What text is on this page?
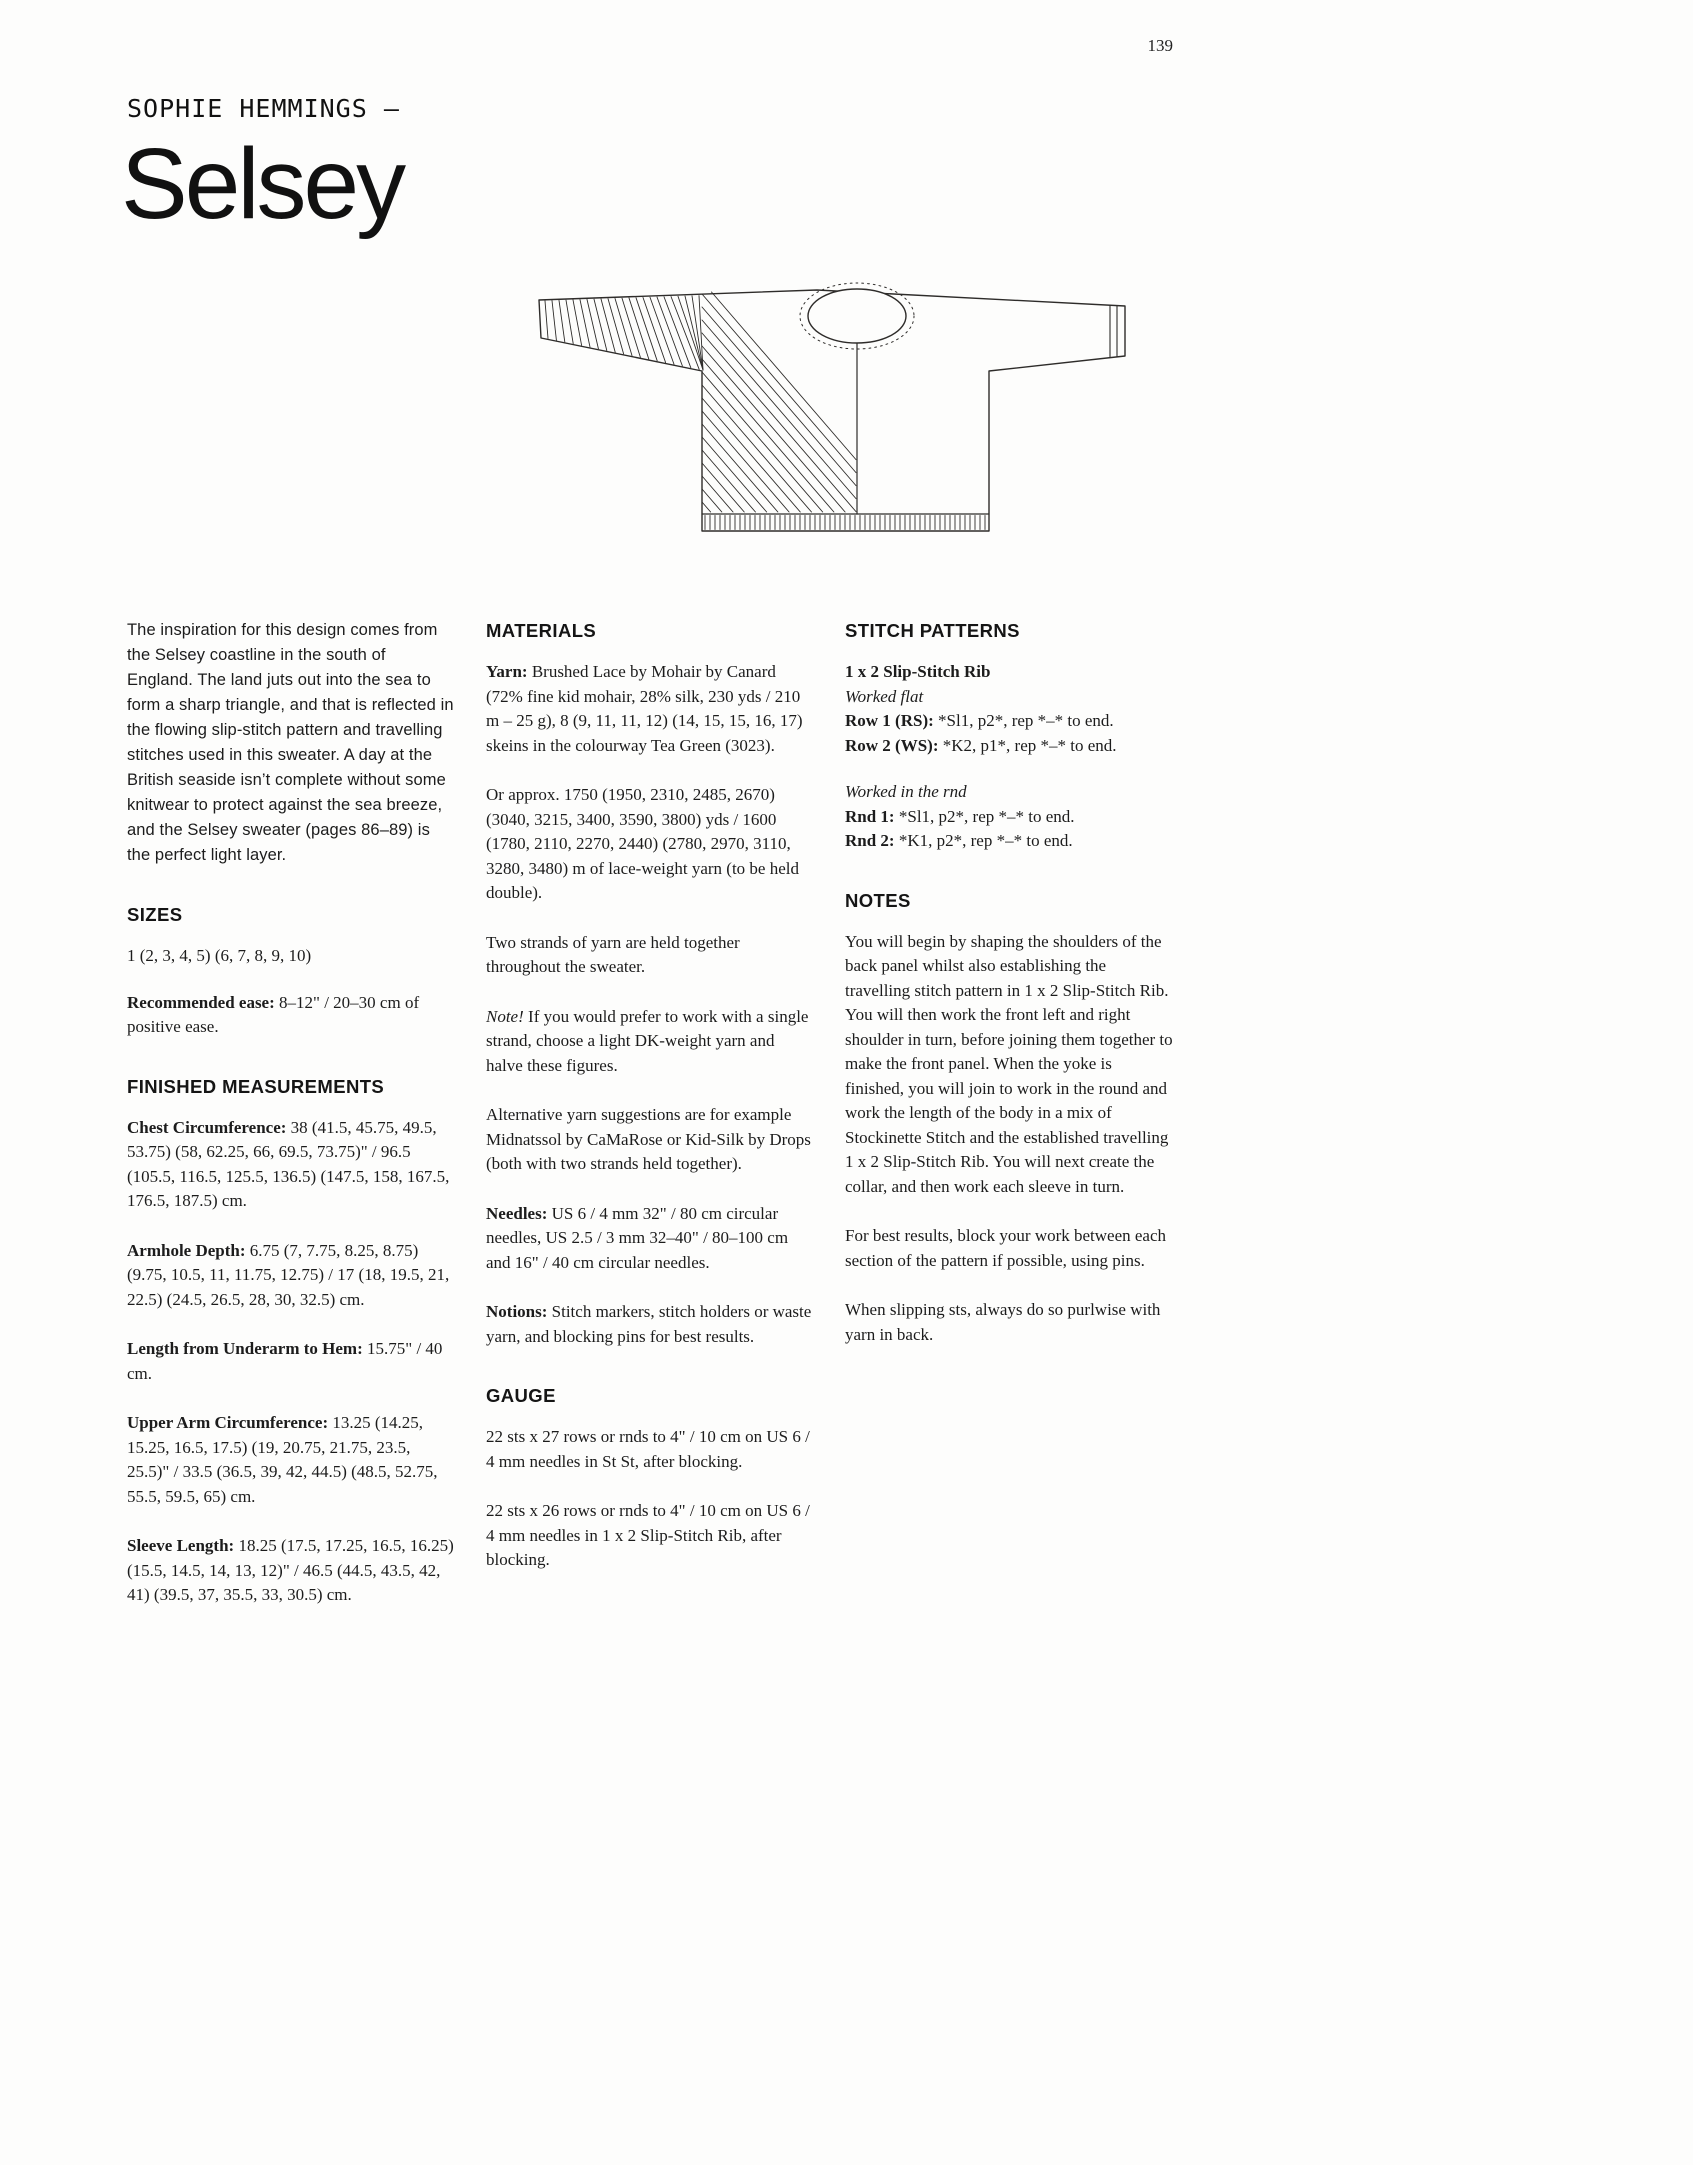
139
SOPHIE HEMMINGS —
Selsey

The inspiration for this design comes from the Selsey coastline in the south of England. The land juts out into the sea to form a sharp triangle, and that is reflected in the flowing slip-stitch pattern and travelling stitches used in this sweater. A day at the British seaside isn’t complete without some knitwear to protect against the sea breeze, and the Selsey sweater (pages 86–89) is the perfect light layer.

SIZES

1 (2, 3, 4, 5) (6, 7, 8, 9, 10)

Recommended ease: 8–12" / 20–30 cm of positive ease.

FINISHED MEASUREMENTS

Chest Circumference: 38 (41.5, 45.75, 49.5, 53.75) (58, 62.25, 66, 69.5, 73.75)" / 96.5 (105.5, 116.5, 125.5, 136.5) (147.5, 158, 167.5, 176.5, 187.5) cm.

Armhole Depth: 6.75 (7, 7.75, 8.25, 8.75) (9.75, 10.5, 11, 11.75, 12.75) / 17 (18, 19.5, 21, 22.5) (24.5, 26.5, 28, 30, 32.5) cm.

Length from Underarm to Hem: 15.75" / 40 cm.

Upper Arm Circumference: 13.25 (14.25, 15.25, 16.5, 17.5) (19, 20.75, 21.75, 23.5, 25.5)" / 33.5 (36.5, 39, 42, 44.5) (48.5, 52.75, 55.5, 59.5, 65) cm.

Sleeve Length: 18.25 (17.5, 17.25, 16.5, 16.25) (15.5, 14.5, 14, 13, 12)" / 46.5 (44.5, 43.5, 42, 41) (39.5, 37, 35.5, 33, 30.5) cm.

MATERIALS

Yarn: Brushed Lace by Mohair by Canard (72% fine kid mohair, 28% silk, 230 yds / 210 m – 25 g), 8 (9, 11, 11, 12) (14, 15, 15, 16, 17) skeins in the colourway Tea Green (3023).

Or approx. 1750 (1950, 2310, 2485, 2670) (3040, 3215, 3400, 3590, 3800) yds / 1600 (1780, 2110, 2270, 2440) (2780, 2970, 3110, 3280, 3480) m of lace-weight yarn (to be held double).

Two strands of yarn are held together throughout the sweater.

Note! If you would prefer to work with a single strand, choose a light DK-weight yarn and halve these figures.

Alternative yarn suggestions are for example Midnatssol by CaMaRose or Kid-Silk by Drops (both with two strands held together).

Needles: US 6 / 4 mm 32" / 80 cm circular needles, US 2.5 / 3 mm 32–40" / 80–100 cm and 16" / 40 cm circular needles.

Notions: Stitch markers, stitch holders or waste yarn, and blocking pins for best results.

GAUGE

22 sts x 27 rows or rnds to 4" / 10 cm on US 6 / 4 mm needles in St St, after blocking.

22 sts x 26 rows or rnds to 4" / 10 cm on US 6 / 4 mm needles in 1 x 2 Slip-Stitch Rib, after blocking.

STITCH PATTERNS
1 x 2 Slip-Stitch Rib
Worked flat
Row 1 (RS): *Sl1, p2*, rep *–* to end.
Row 2 (WS): *K2, p1*, rep *–* to end.
Worked in the rnd
Rnd 1: *Sl1, p2*, rep *–* to end.
Rnd 2: *K1, p2*, rep *–* to end.
NOTES

You will begin by shaping the shoulders of the back panel whilst also establishing the travelling stitch pattern in 1 x 2 Slip-Stitch Rib. You will then work the front left and right shoulder in turn, before joining them together to make the front panel. When the yoke is finished, you will join to work in the round and work the length of the body in a mix of Stockinette Stitch and the established travelling 1 x 2 Slip-Stitch Rib. You will next create the collar, and then work each sleeve in turn.

For best results, block your work between each section of the pattern if possible, using pins.

When slipping sts, always do so purlwise with yarn in back.
